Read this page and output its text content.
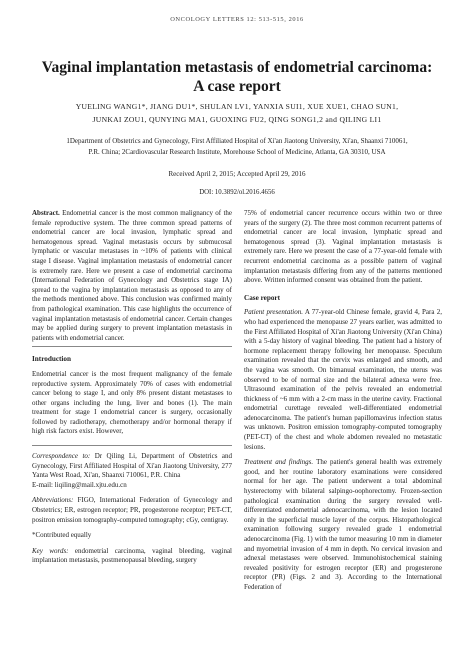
ONCOLOGY LETTERS 12: 513-515, 2016
Vaginal implantation metastasis of endometrial carcinoma:
A case report
YUELING WANG1*, JIANG DU1*, SHULAN LV1, YANXIA SUI1, XUE XUE1, CHAO SUN1,
JUNKAI ZOU1, QUNYING MA1, GUOXING FU2, QING SONG1,2 and QILING LI1
1Department of Obstetrics and Gynecology, First Affiliated Hospital of Xi'an Jiaotong University, Xi'an, Shaanxi 710061,
P.R. China; 2Cardiovascular Research Institute, Morehouse School of Medicine, Atlanta, GA 30310, USA
Received April 2, 2015; Accepted April 29, 2016
DOI: 10.3892/ol.2016.4656

Abstract. Endometrial cancer is the most common malignancy of the female reproductive system. The three common spread patterns of endometrial cancer are local invasion, lymphatic spread and hematogenous spread. Vaginal metastasis occurs by submucosal lymphatic or vascular metastases in ~10% of patients with clinical stage I disease. Vaginal implantation metastasis of endometrial cancer is extremely rare. Here we present a case of endometrial carcinoma (International Federation of Gynecology and Obstetrics stage IA) spread to the vagina by implantation metastasis as opposed to any of the methods mentioned above. This conclusion was confirmed mainly from pathological examination. This case highlights the occurrence of vaginal implantation metastasis of endometrial cancer. Certain changes may be applied during surgery to prevent implantation metastasis in patients with endometrial cancer.

Introduction

Endometrial cancer is the most frequent malignancy of the female reproductive system. Approximately 70% of cases with endometrial cancer belong to stage I, and only 8% present distant metastases to other organs including the lung, liver and bones (1). The main treatment for stage I endometrial cancer is surgery, occasionally followed by radiotherapy, chemotherapy and/or hormonal therapy if high risk factors exist. However,

Correspondence to: Dr Qiling Li, Department of Obstetrics and Gynecology, First Affiliated Hospital of Xi'an Jiaotong University, 277 Yanta West Road, Xi'an, Shaanxi 710061, P.R. China
E-mail: liqiling@mail.xjtu.edu.cn

Abbreviations: FIGO, International Federation of Gynecology and Obstetrics; ER, estrogen receptor; PR, progesterone receptor; PET-CT, positron emission tomography-computed tomography; cGy, centigray.

*Contributed equally

Key words: endometrial carcinoma, vaginal bleeding, vaginal implantation metastasis, postmenopausal bleeding, surgery

75% of endometrial cancer recurrence occurs within two or three years of the surgery (2). The three most common recurrent patterns of endometrial cancer are local invasion, lymphatic spread and hematogenous spread (3). Vaginal implantation metastasis is extremely rare. Here we present the case of a 77-year-old female with recurrent endometrial carcinoma as a possible pattern of vaginal implantation metastasis differing from any of the patterns mentioned above. Written informed consent was obtained from the patient.

Case report

Patient presentation. A 77-year-old Chinese female, gravid 4, Para 2, who had experienced the menopause 27 years earlier, was admitted to the First Affiliated Hospital of Xi'an Jiaotong University (Xi'an China) with a 5-day history of vaginal bleeding. The patient had a history of hormone replacement therapy following her menopause. Speculum examination revealed that the cervix was enlarged and smooth, and the vagina was smooth. On bimanual examination, the uterus was observed to be of normal size and the bilateral adnexa were free. Ultrasound examination of the pelvis revealed an endometrial thickness of ~6 mm with a 2-cm mass in the uterine cavity. Fractional endometrial curettage revealed well-differentiated endometrial adenocarcinoma. The patient's human papillomavirus infection status was unknown. Positron emission tomography-computed tomography (PET-CT) of the chest and whole abdomen revealed no metastatic lesions.

Treatment and findings. The patient's general health was extremely good, and her routine laboratory examinations were considered normal for her age. The patient underwent a total abdominal hysterectomy with bilateral salpingo-oophorectomy. Frozen-section pathological examination during the surgery revealed well-differentiated endometrial adenocarcinoma, with the lesion located only in the superficial muscle layer of the corpus. Histopathological examination following surgery revealed grade 1 endometrial adenocarcinoma (Fig. 1) with the tumor measuring 10 mm in diameter and myometrial invasion of 4 mm in depth. No cervical invasion and adnexal metastases were observed. Immunohistochemical staining revealed positivity for estrogen receptor (ER) and progesterone receptor (PR) (Figs. 2 and 3). According to the International Federation of
